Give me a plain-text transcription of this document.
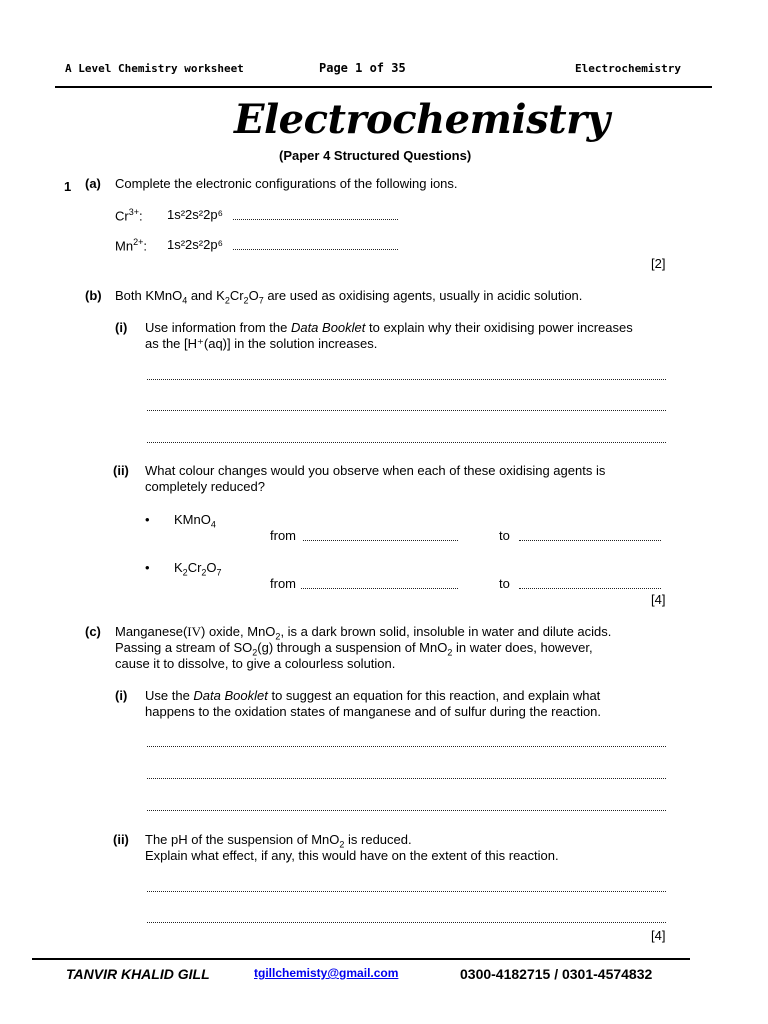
A Level Chemistry worksheet	Page 1 of 35	Electrochemistry
Electrochemistry
(Paper 4 Structured Questions)
1 (a) Complete the electronic configurations of the following ions.
$Cr^{3+}$: 1s²2s²2p⁶
$Mn^{2+}$: 1s²2s²2p⁶
[2]
(b) Both KMnO$_4$ and $K_2Cr_2O_7$ are used as oxidising agents, usually in acidic solution.
(i) Use information from the Data Booklet to explain why their oxidising power increases
as the [H⁺(aq)] in the solution increases.
(ii) What colour changes would you observe when each of these oxidising agents is
completely reduced?
• KMnO$_4$
from	to
• $K_2Cr_2O_7$
from	to
[4]
(c) Manganese(IV) oxide, MnO$_2$, is a dark brown solid, insoluble in water and dilute acids.
Passing a stream of $SO_2(g)$ through a suspension of MnO$_2$ in water does, however,
cause it to dissolve, to give a colourless solution.
(i) Use the Data Booklet to suggest an equation for this reaction, and explain what
happens to the oxidation states of manganese and of sulfur during the reaction.
(ii) The pH of the suspension of MnO$_2$ is reduced.
Explain what effect, if any, this would have on the extent of this reaction.
[4]
TANVIR KHALID GILL	tgillchemisty@gmail.com	0300-4182715 / 0301-4574832
